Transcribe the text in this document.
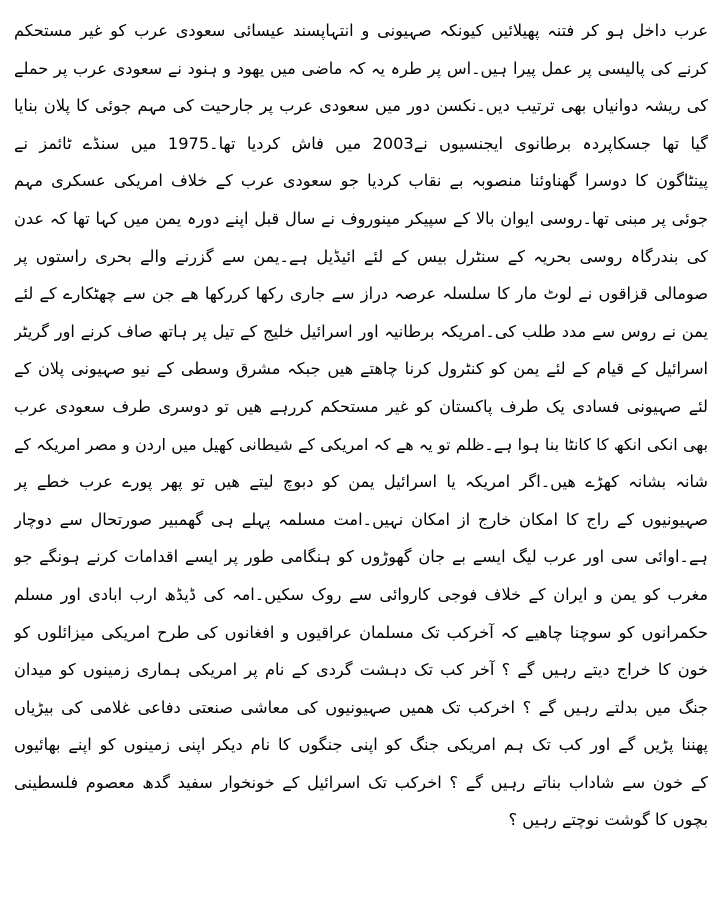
عرب داخل ہو کر فتنہ پھیلائیں کیونکہ صہیونی و انتہاپسند عیسائی سعودی عرب کو غیر مستحکم
کرنے کی پالیسی پر عمل پیرا ہیں۔اس پر طرہ یہ کہ ماضی میں یھود و ہنود نے سعودی عرب پر حملے
کی ریشہ دوانیاں بھی ترتیب دیں۔نکسن دور میں سعودی عرب پر جارحیت کی مہم جوئی کا پلان بنایا
گیا تھا جسکاپردہ برطانوی ایجنسیوں نے2003 میں فاش کردیا تھا۔1975 میں سنڈے ٹائمز نے
پینٹاگون کا دوسرا گھناوئنا منصوبہ بے نقاب کردیا جو سعودی عرب کے خلاف امریکی عسکری مہم
جوئی پر مبنی تھا۔روسی ایوان بالا کے سپیکر مینوروف نے سال قبل اپنے دورہ یمن میں کہا تھا کہ عدن
کی بندرگاہ روسی بحریہ کے سنٹرل بیس کے لئے ائیڈیل ہے۔یمن سے گزرنے والے بحری راستوں پر
صومالی قزاقوں نے لوٹ مار کا سلسلہ عرصہ دراز سے جاری رکھا کررکھا ھے جن سے چھٹکارے کے لئے
یمن نے روس سے مدد طلب کی۔امریکہ برطانیہ اور اسرائیل خلیج کے تیل پر ہاتھ صاف کرنے اور گریٹر
اسرائیل کے قیام کے لئے یمن کو کنٹرول کرنا چاھتے ھیں جبکہ مشرق وسطی کے نیو صہیونی پلان کے
لئے صہیونی فسادی یک طرف پاکستان کو غیر مستحکم کررہے ھیں تو دوسری طرف سعودی عرب
بھی انکی انکھ کا کانٹا بنا ہوا ہے۔ظلم تو یہ ھے کہ امریکی کے شیطانی کھیل میں اردن و مصر امریکہ کے
شانہ بشانہ کھڑے ھیں۔اگر امریکہ یا اسرائیل یمن کو دبوچ لیتے ھیں تو پھر پورے عرب خطے پر
صہیونیوں کے راج کا امکان خارج از امکان نہیں۔امت مسلمہ پہلے ہی گھمبیر صورتحال سے دوچار
ہے۔اوائی سی اور عرب لیگ ایسے بے جان گھوڑوں کو ہنگامی طور پر ایسے اقدامات کرنے ہونگے جو
مغرب کو یمن و ایران کے خلاف فوجی کاروائی سے روک سکیں۔امہ کی ڈیڈھ ارب ابادی اور مسلم
حکمرانوں کو سوچنا چاھیے کہ آخرکب تک مسلمان عراقیوں و افغانوں کی طرح امریکی میزائلوں کو
خون کا خراج دیتے رہیں گے ؟ آخر کب تک دہشت گردی کے نام پر امریکی ہماری زمینوں کو میدان
جنگ میں بدلتے رہیں گے ؟ اخرکب تک ھمیں صہیونیوں کی معاشی صنعتی دفاعی غلامی کی بیڑیاں
پھننا پڑیں گے اور کب تک ہم امریکی جنگ کو اپنی جنگوں کا نام دیکر اپنی زمینوں کو اپنے بھائیوں
کے خون سے شاداب بناتے رہیں گے ؟ اخرکب تک اسرائیل کے خونخوار سفید گدھ معصوم فلسطینی
بچوں کا گوشت نوچتے رہیں ؟
